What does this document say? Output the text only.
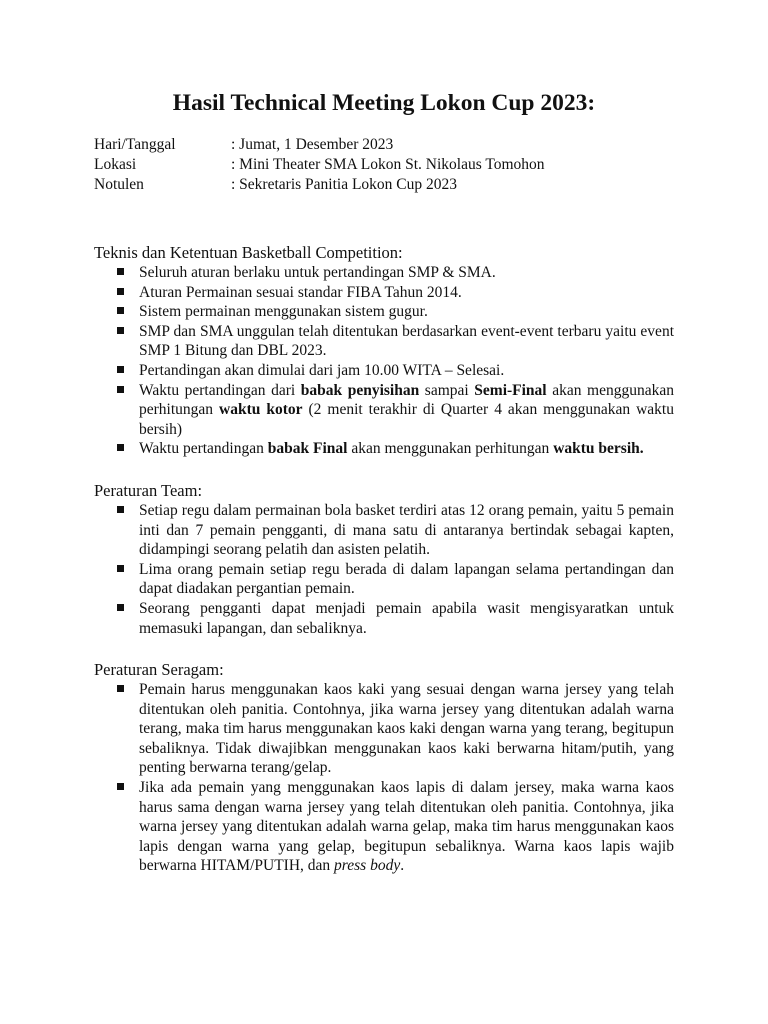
Hasil Technical Meeting Lokon Cup 2023:
Hari/Tanggal	: Jumat, 1 Desember 2023
Lokasi	: Mini Theater SMA Lokon St. Nikolaus Tomohon
Notulen	: Sekretaris Panitia Lokon Cup 2023
Teknis dan Ketentuan Basketball Competition:
Seluruh aturan berlaku untuk pertandingan SMP & SMA.
Aturan Permainan sesuai standar FIBA Tahun 2014.
Sistem permainan menggunakan sistem gugur.
SMP dan SMA unggulan telah ditentukan berdasarkan event-event terbaru yaitu event SMP 1 Bitung dan DBL 2023.
Pertandingan akan dimulai dari jam 10.00 WITA – Selesai.
Waktu pertandingan dari babak penyisihan sampai Semi-Final akan menggunakan perhitungan waktu kotor (2 menit terakhir di Quarter 4 akan menggunakan waktu bersih)
Waktu pertandingan babak Final akan menggunakan perhitungan waktu bersih.
Peraturan Team:
Setiap regu dalam permainan bola basket terdiri atas 12 orang pemain, yaitu 5 pemain inti dan 7 pemain pengganti, di mana satu di antaranya bertindak sebagai kapten, didampingi seorang pelatih dan asisten pelatih.
Lima orang pemain setiap regu berada di dalam lapangan selama pertandingan dan dapat diadakan pergantian pemain.
Seorang pengganti dapat menjadi pemain apabila wasit mengisyaratkan untuk memasuki lapangan, dan sebaliknya.
Peraturan Seragam:
Pemain harus menggunakan kaos kaki yang sesuai dengan warna jersey yang telah ditentukan oleh panitia. Contohnya, jika warna jersey yang ditentukan adalah warna terang, maka tim harus menggunakan kaos kaki dengan warna yang terang, begitupun sebaliknya. Tidak diwajibkan menggunakan kaos kaki berwarna hitam/putih, yang penting berwarna terang/gelap.
Jika ada pemain yang menggunakan kaos lapis di dalam jersey, maka warna kaos harus sama dengan warna jersey yang telah ditentukan oleh panitia. Contohnya, jika warna jersey yang ditentukan adalah warna gelap, maka tim harus menggunakan kaos lapis dengan warna yang gelap, begitupun sebaliknya. Warna kaos lapis wajib berwarna HITAM/PUTIH, dan press body.
